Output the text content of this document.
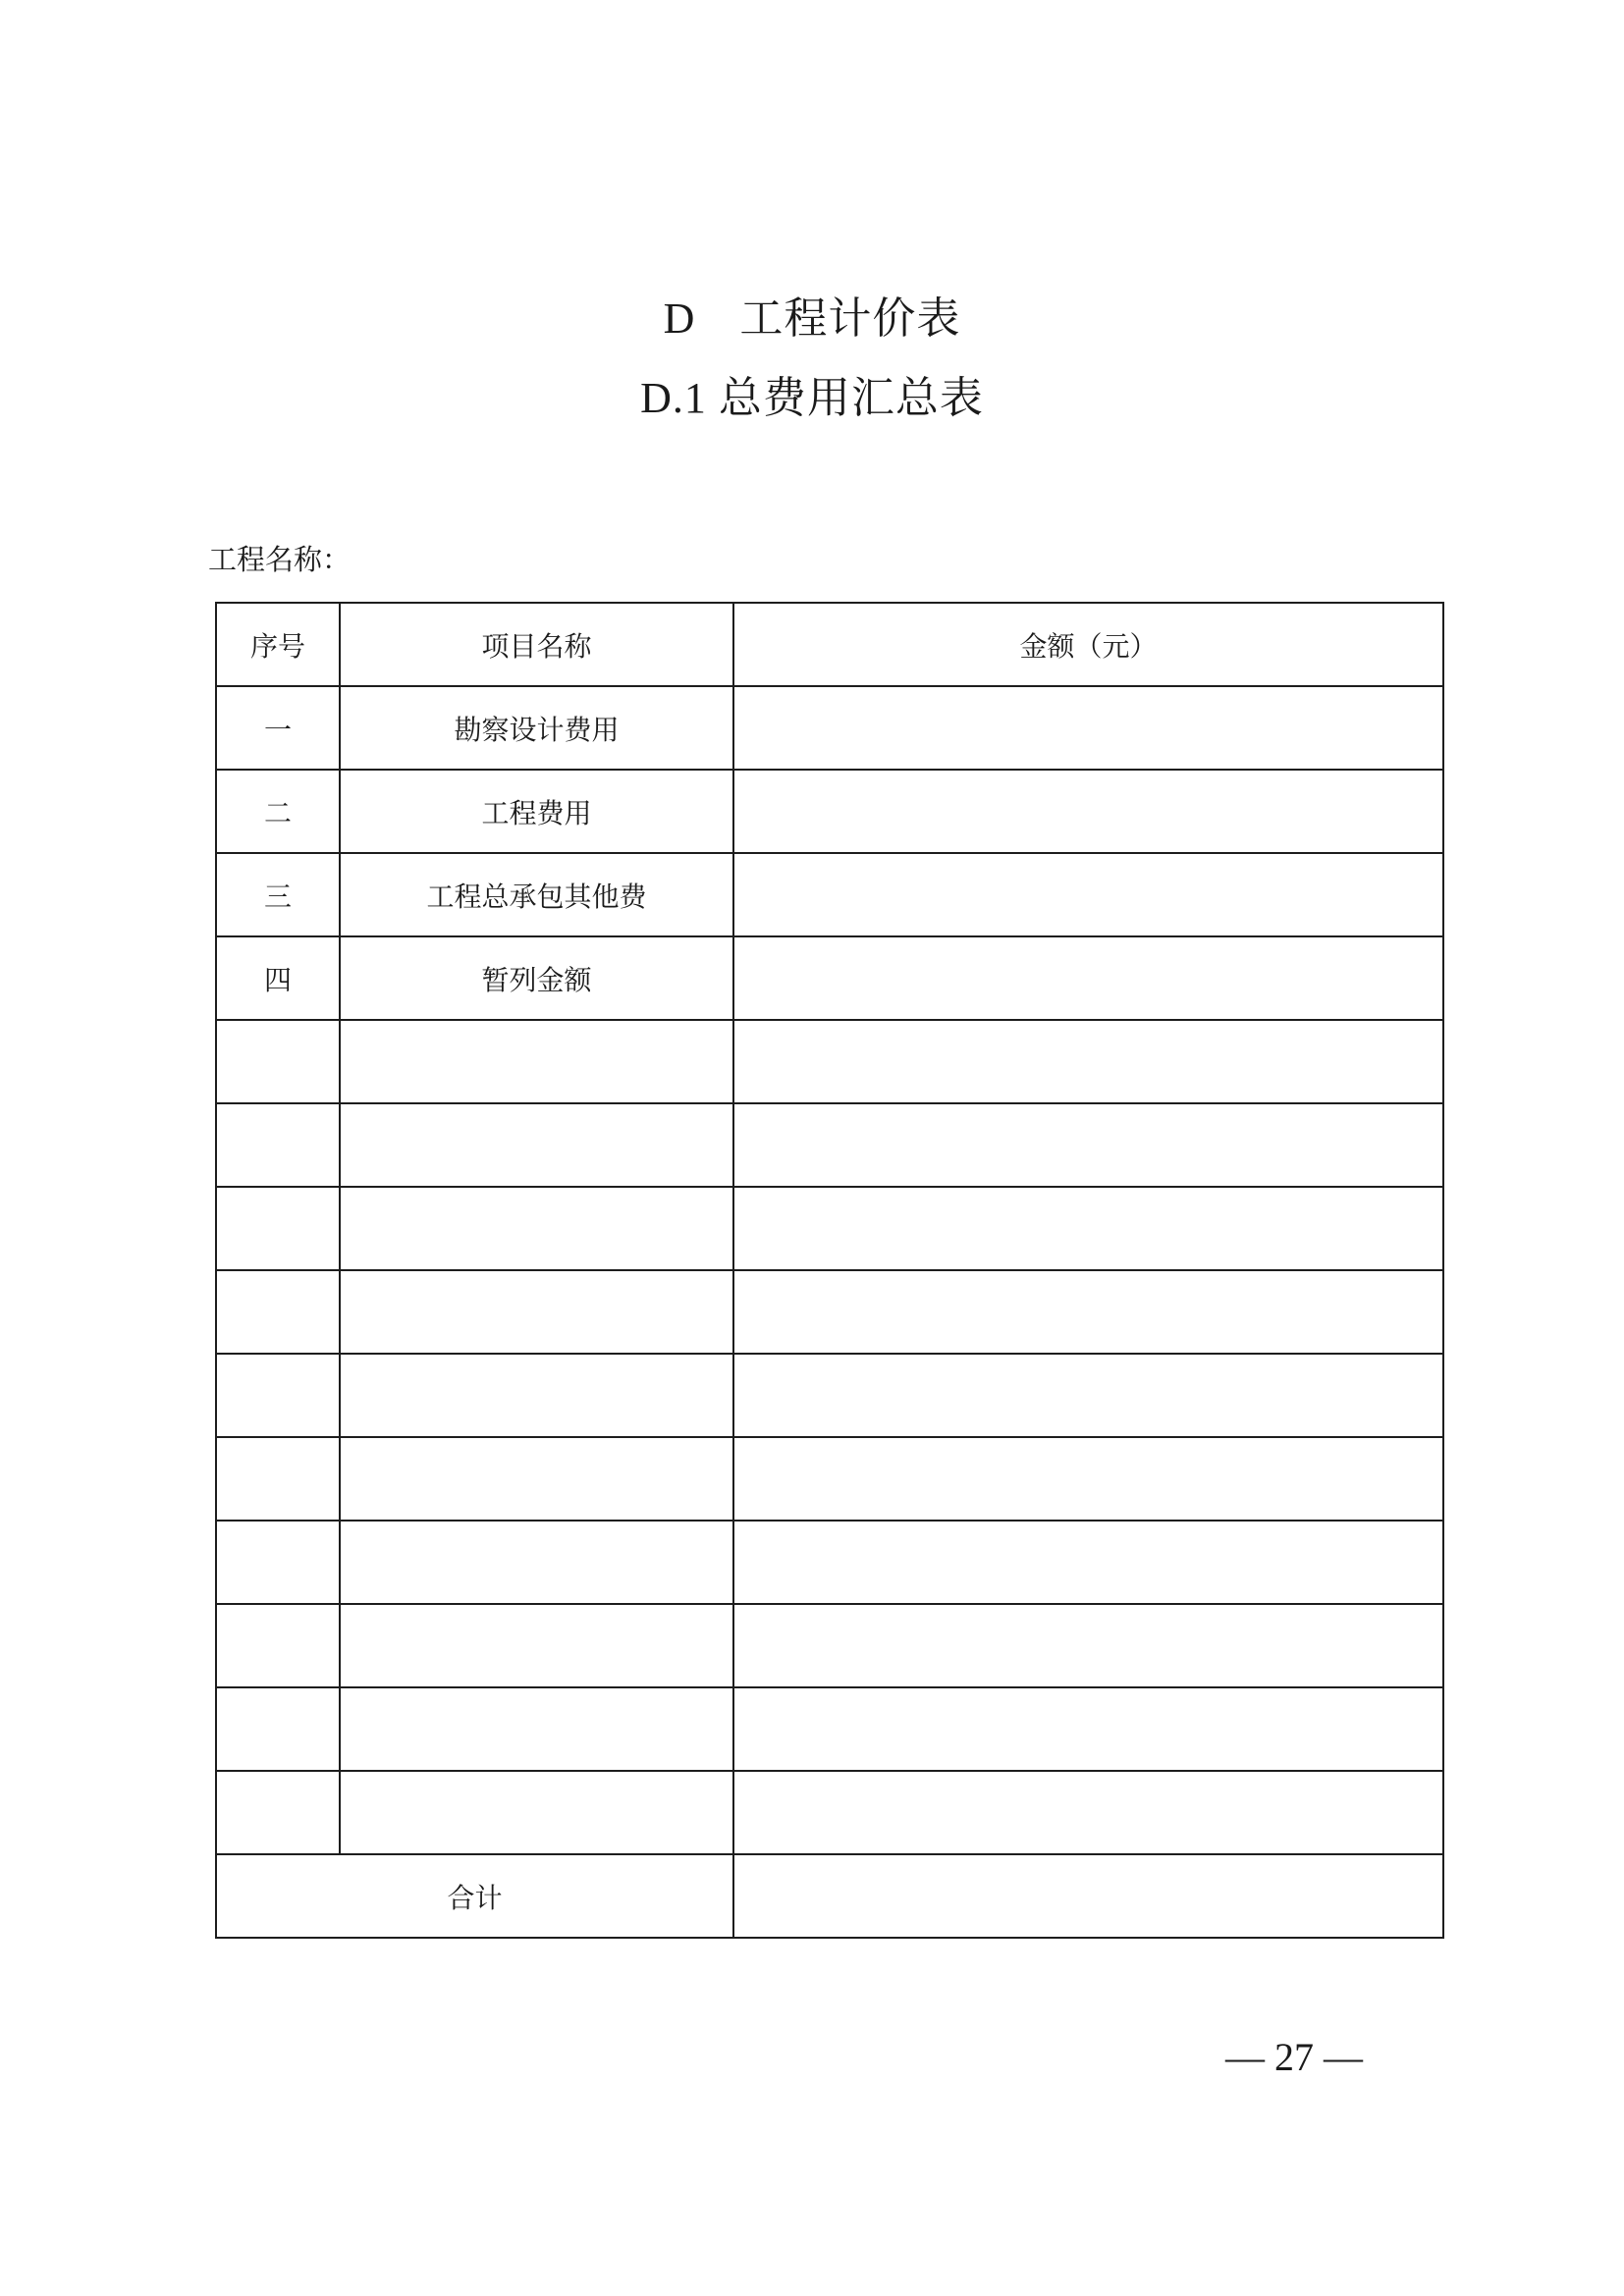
D　工程计价表
D.1 总费用汇总表
工程名称：
序号	项目名称	金额（元）
一	勘察设计费用	
二	工程费用	
三	工程总承包其他费	
四	暂列金额	

合计		
— 27 —
